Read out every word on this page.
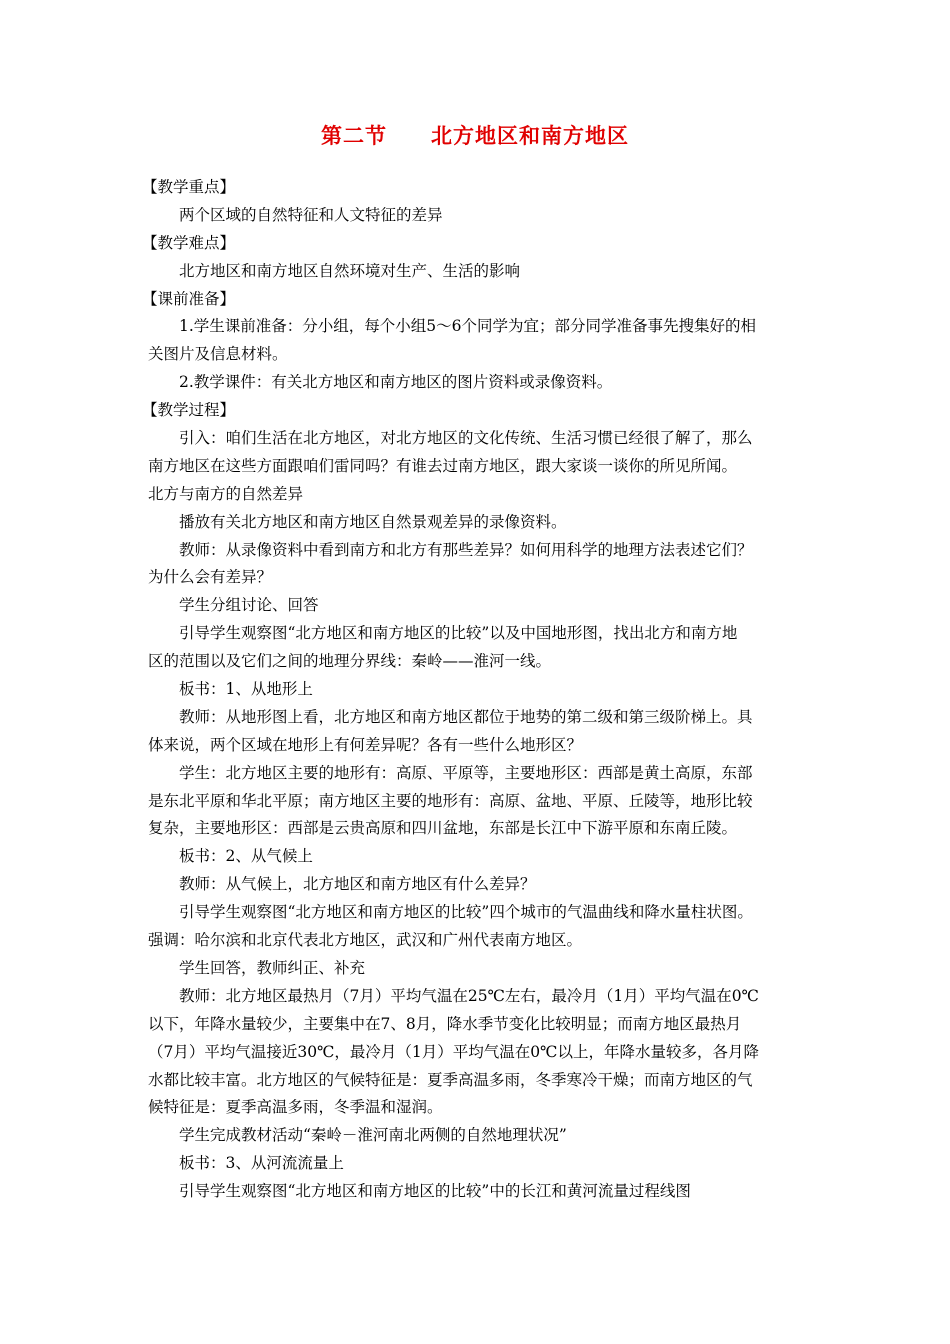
第二节　　北方地区和南方地区
【教学重点】
两个区域的自然特征和人文特征的差异
【教学难点】
北方地区和南方地区自然环境对生产、生活的影响
【课前准备】
1.学生课前准备：分小组，每个小组5～6个同学为宜；部分同学准备事先搜集好的相
关图片及信息材料。
2.教学课件：有关北方地区和南方地区的图片资料或录像资料。
【教学过程】
引入：咱们生活在北方地区，对北方地区的文化传统、生活习惯已经很了解了，那么
南方地区在这些方面跟咱们雷同吗？有谁去过南方地区，跟大家谈一谈你的所见所闻。
北方与南方的自然差异
播放有关北方地区和南方地区自然景观差异的录像资料。
教师：从录像资料中看到南方和北方有那些差异？如何用科学的地理方法表述它们？
为什么会有差异？
学生分组讨论、回答
引导学生观察图“北方地区和南方地区的比较”以及中国地形图，找出北方和南方地
区的范围以及它们之间的地理分界线：秦岭——淮河一线。
板书：1、从地形上
教师：从地形图上看，北方地区和南方地区都位于地势的第二级和第三级阶梯上。具
体来说，两个区域在地形上有何差异呢？各有一些什么地形区？
学生：北方地区主要的地形有：高原、平原等，主要地形区：西部是黄土高原，东部
是东北平原和华北平原；南方地区主要的地形有：高原、盆地、平原、丘陵等，地形比较
复杂，主要地形区：西部是云贵高原和四川盆地，东部是长江中下游平原和东南丘陵。
板书：2、从气候上
教师：从气候上，北方地区和南方地区有什么差异？
引导学生观察图“北方地区和南方地区的比较”四个城市的气温曲线和降水量柱状图。
强调：哈尔滨和北京代表北方地区，武汉和广州代表南方地区。
学生回答，教师纠正、补充
教师：北方地区最热月（7月）平均气温在25℃左右，最冷月（1月）平均气温在0℃
以下，年降水量较少，主要集中在7、8月，降水季节变化比较明显；而南方地区最热月
（7月）平均气温接近30℃，最冷月（1月）平均气温在0℃以上，年降水量较多，各月降
水都比较丰富。北方地区的气候特征是：夏季高温多雨，冬季寒冷干燥；而南方地区的气
候特征是：夏季高温多雨，冬季温和湿润。
学生完成教材活动“秦岭－淮河南北两侧的自然地理状况”
板书：3、从河流流量上
引导学生观察图“北方地区和南方地区的比较”中的长江和黄河流量过程线图
